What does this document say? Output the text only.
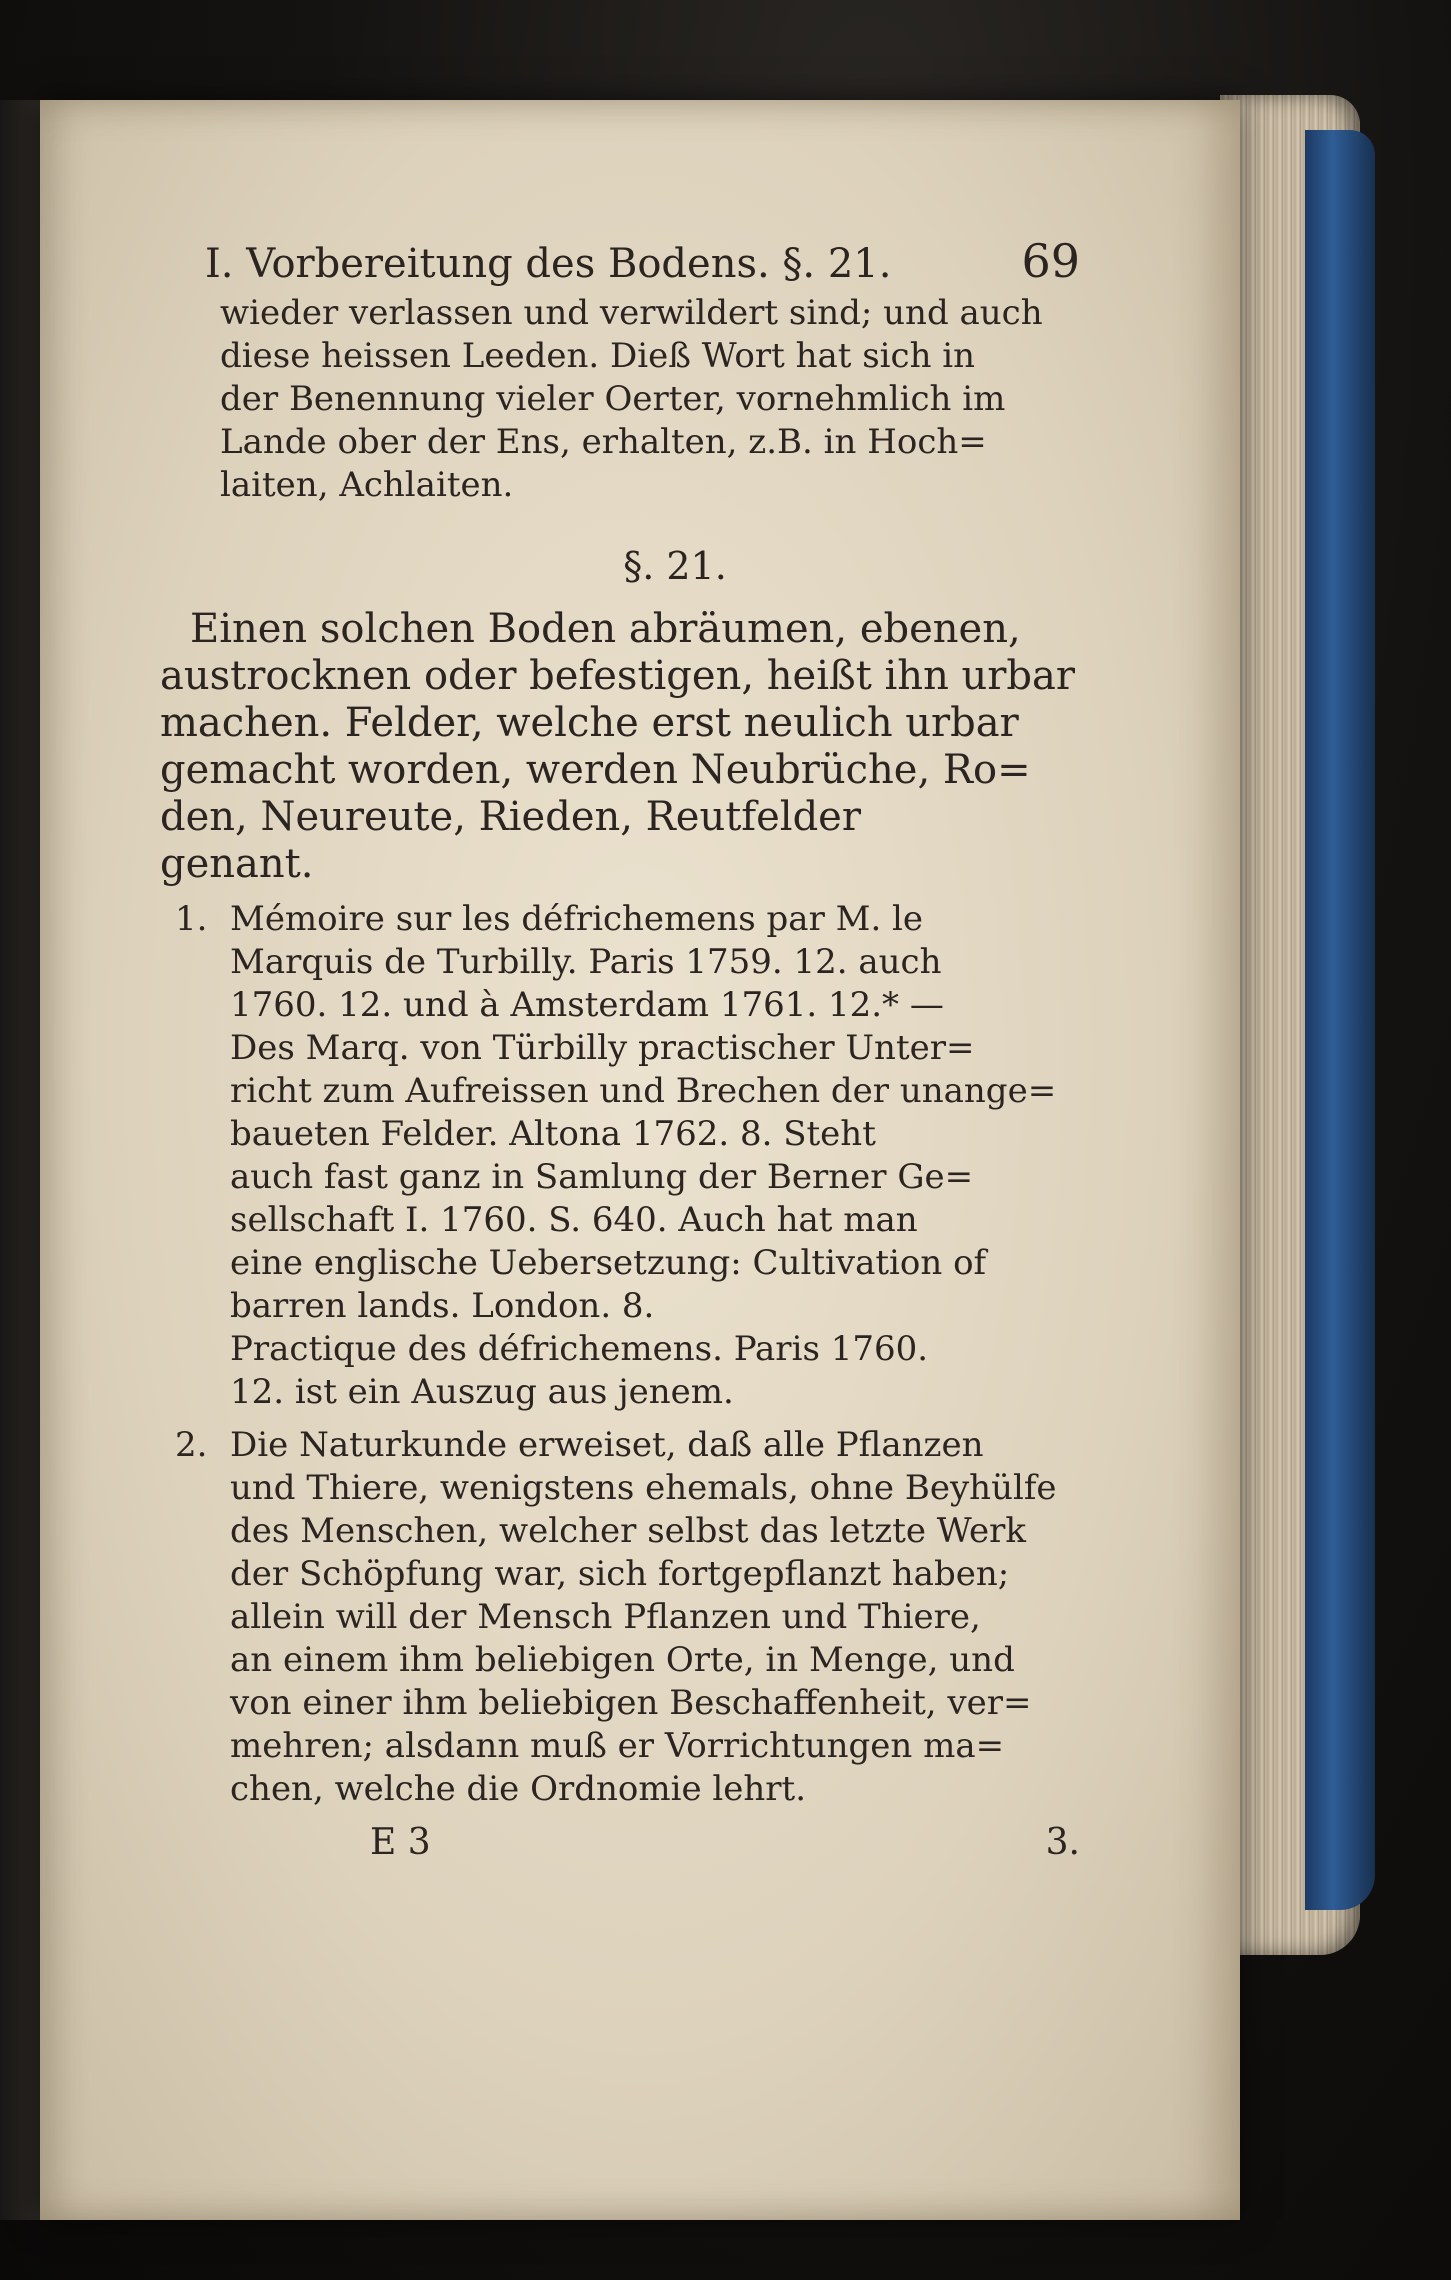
I. Vorbereitung des Bodens. §. 21.	69
wieder verlassen und verwildert sind; und auch
diese heissen Leeden. Dieß Wort hat sich in
der Benennung vieler Oerter, vornehmlich im
Lande ober der Ens, erhalten, z.B. in Hoch=
laiten, Achlaiten.
§. 21.
Einen solchen Boden abräumen, ebenen,
austrocknen oder befestigen, heißt ihn urbar
machen. Felder, welche erst neulich urbar
gemacht worden, werden Neubrüche, Ro=
den, Neureute, Rieden, Reutfelder
genant.
1. Mémoire sur les défrichemens par M. le
Marquis de Turbilly. Paris 1759. 12. auch
1760. 12. und à Amsterdam 1761. 12.* —
Des Marq. von Türbilly practischer Unter=
richt zum Aufreissen und Brechen der unange=
baueten Felder. Altona 1762. 8. Steht
auch fast ganz in Samlung der Berner Ge=
sellschaft I. 1760. S. 640. Auch hat man
eine englische Uebersetzung: Cultivation of
barren lands. London. 8.
Practique des défrichemens. Paris 1760.
12. ist ein Auszug aus jenem.
2. Die Naturkunde erweiset, daß alle Pflanzen
und Thiere, wenigstens ehemals, ohne Beyhülfe
des Menschen, welcher selbst das letzte Werk
der Schöpfung war, sich fortgepflanzt haben;
allein will der Mensch Pflanzen und Thiere,
an einem ihm beliebigen Orte, in Menge, und
von einer ihm beliebigen Beschaffenheit, ver=
mehren; alsdann muß er Vorrichtungen ma=
chen, welche die Ordnomie lehrt.
E 3	3.
